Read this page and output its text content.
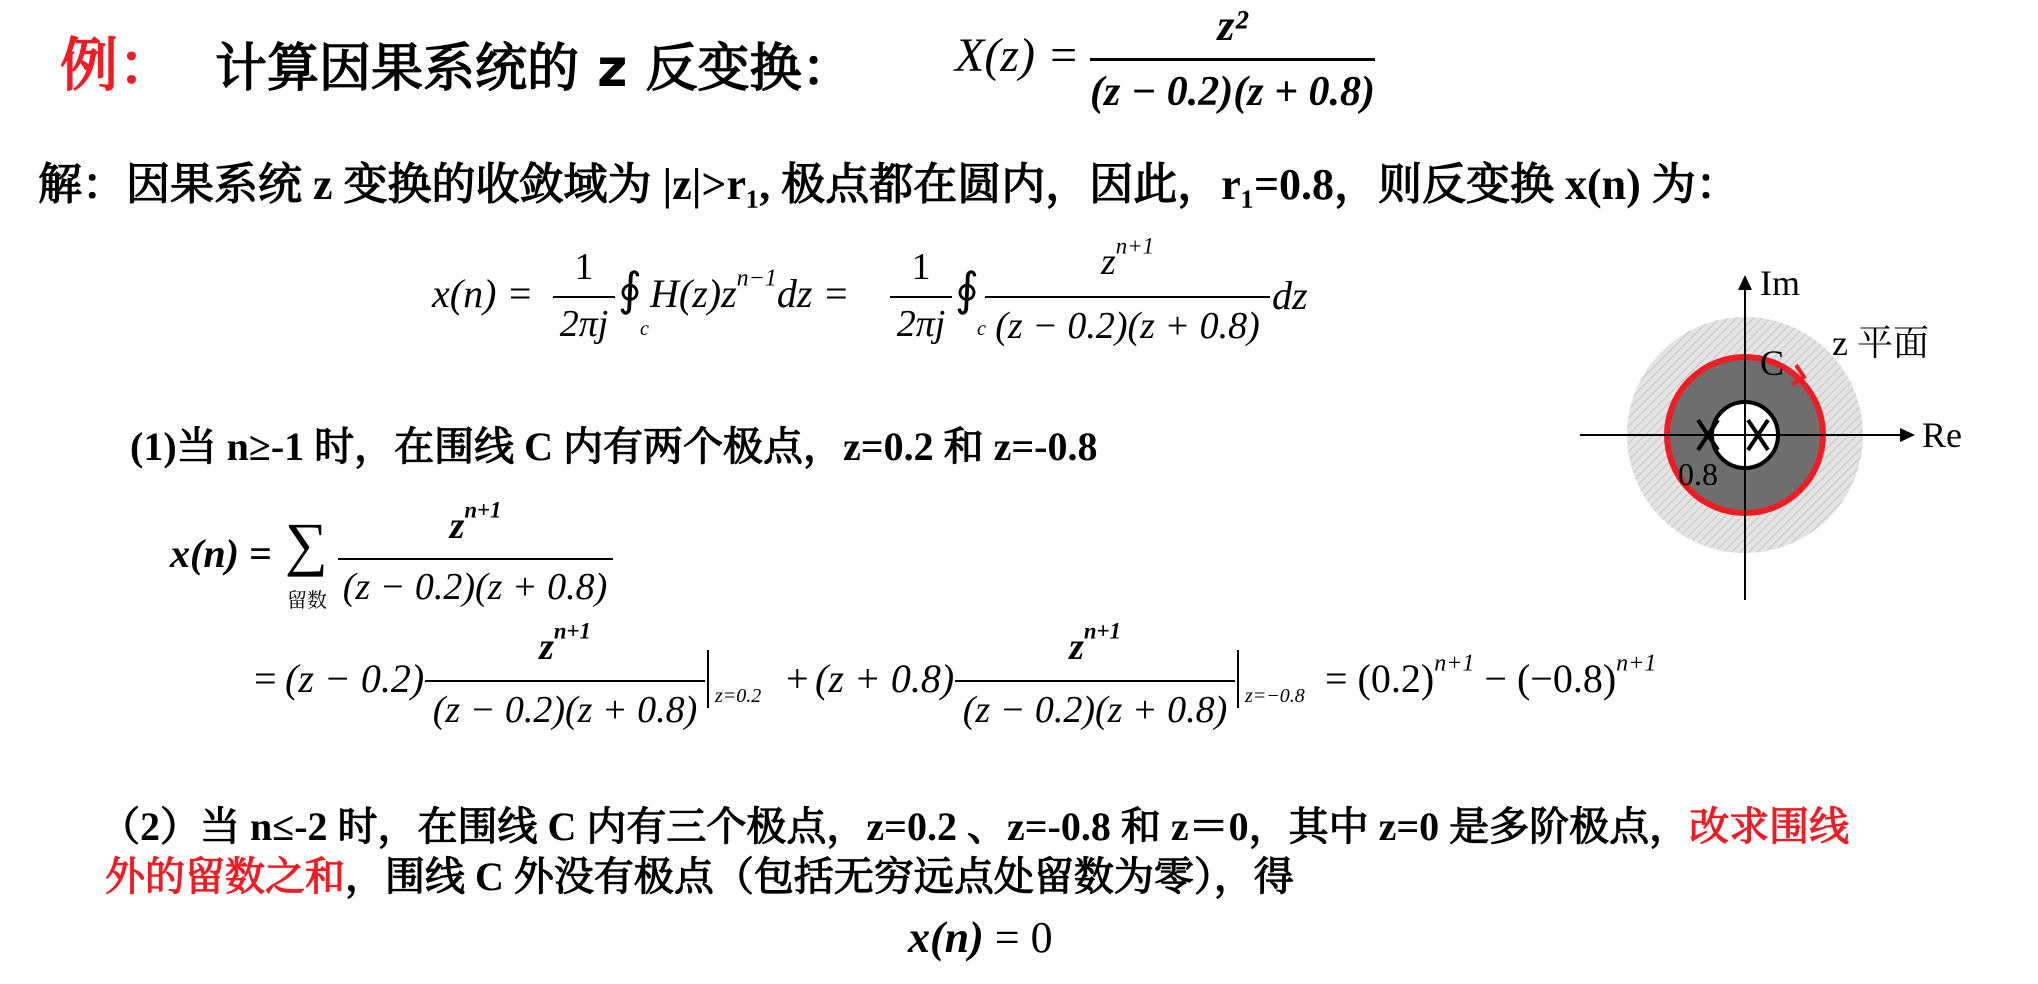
例： 计算因果系统的 z 反变换： X(z) =
z²
(z − 0.2)(z + 0.8)
解：因果系统 z 变换的收敛域为 |z|>r₁, 极点都在圆内，因此，r₁=0.8，则反变换 x(n) 为：
x(n) =
1
2πj
∮
c
$H(z)z^{n-1}dz$ =
1
2πj
∮
c
$z^{n+1}$
(z − 0.2)(z + 0.8)
dz
(1)当 n≥-1 时，在围线 C 内有两个极点，z=0.2 和 z=-0.8
x(n) = ∑
留数
$z^{n+1}$
(z − 0.2)(z + 0.8)
= (z − 0.2)
$z^{n+1}$
(z − 0.2)(z + 0.8) z=0.2 + (z + 0.8)
$z^{n+1}$
(z − 0.2)(z + 0.8) $z=-0.8 = (0.2)^{n+1} - (-0.8)^{n+1}$
（2）当 n≤-2 时，在围线 C 内有三个极点，z=0.2 、z=-0.8 和 z＝0，其中 z=0 是多阶极点，改求围线
外的留数之和，围线 C 外没有极点（包括无穷远点处留数为零），得
x(n) = 0
Im
Re
z 平面
C
0.8
